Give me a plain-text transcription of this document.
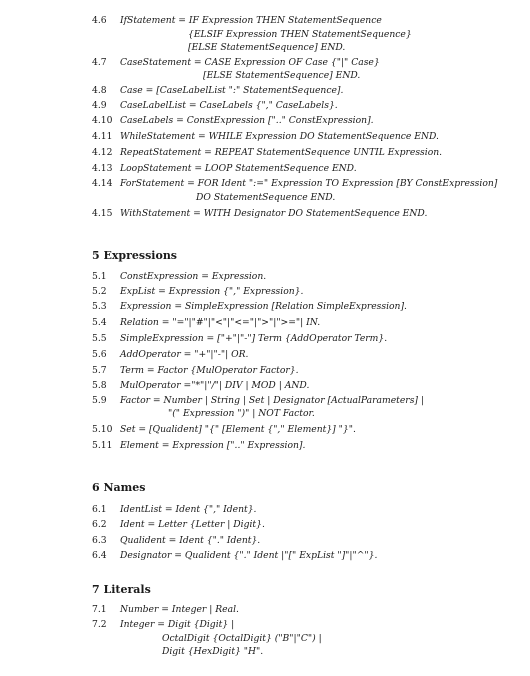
4.6 IfStatement = IF Expression THEN StatementSequence
{ELSIF Expression THEN StatementSequence}
[ELSE StatementSequence] END.
4.7 CaseStatement = CASE Expression OF Case {"|" Case}
[ELSE StatementSequence] END.
4.8 Case = [CaseLabelList ":" StatementSequence].
4.9 CaseLabelList = CaseLabels {"," CaseLabels}.
4.10 CaseLabels = ConstExpression [".." ConstExpression].
4.11 WhileStatement = WHILE Expression DO StatementSequence END.
4.12 RepeatStatement = REPEAT StatementSequence UNTIL Expression.
4.13 LoopStatement = LOOP StatementSequence END.
4.14 ForStatement = FOR Ident ":=" Expression TO Expression [BY ConstExpression]
DO StatementSequence END.
4.15 WithStatement = WITH Designator DO StatementSequence END.
5 Expressions
5.1 ConstExpression = Expression.
5.2 ExpList = Expression {"," Expression}.
5.3 Expression = SimpleExpression [Relation SimpleExpression].
5.4 Relation = "="|"#"|"<"|"<="|">"|">="| IN.
5.5 SimpleExpression = ["+"|"-"] Term {AddOperator Term}.
5.6 AddOperator = "+"|"-"| OR.
5.7 Term = Factor {MulOperator Factor}.
5.8 MulOperator ="*"|"/"| DIV | MOD | AND.
5.9 Factor = Number | String | Set | Designator [ActualParameters] |
"(" Expression ")" | NOT Factor.
5.10 Set = [Qualident] "{" [Element {"," Element}] "}".
5.11 Element = Expression [".." Expression].
6 Names
6.1 IdentList = Ident {"," Ident}.
6.2 Ident = Letter {Letter | Digit}.
6.3 Qualident = Ident {"." Ident}.
6.4 Designator = Qualident {"." Ident |"[" ExpList "]"|"^"}.
7 Literals
7.1 Number = Integer | Real.
7.2 Integer = Digit {Digit} |
OctalDigit {OctalDigit} ("B"|"C") |
Digit {HexDigit} "H".
